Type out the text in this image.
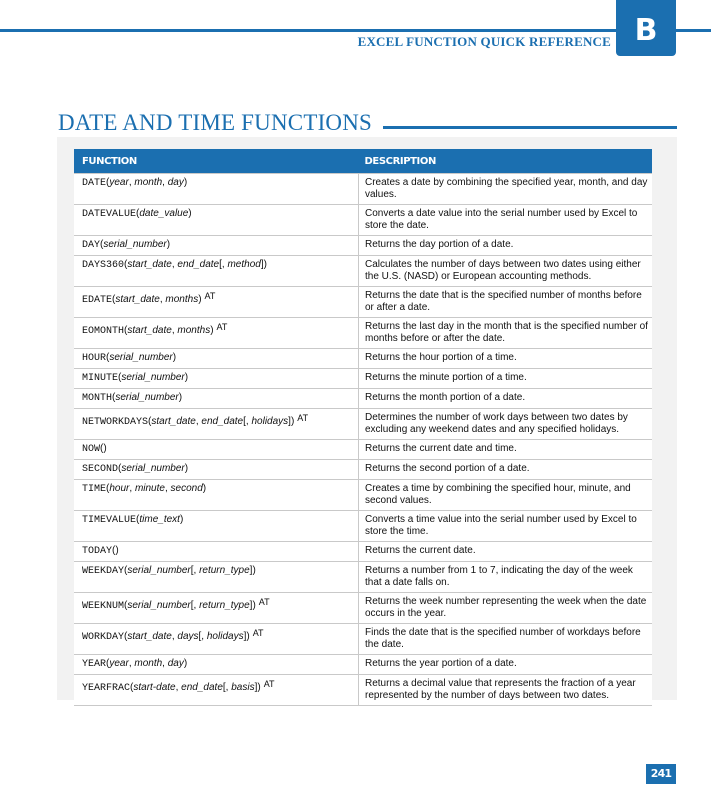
EXCEL FUNCTION QUICK REFERENCE B
DATE AND TIME FUNCTIONS
FUNCTION	DESCRIPTION
DATE(year, month, day)	Creates a date by combining the specified year, month, and day values.
DATEVALUE(date_value)	Converts a date value into the serial number used by Excel to store the date.
DAY(serial_number)	Returns the day portion of a date.
DAYS360(start_date, end_date[, method])	Calculates the number of days between two dates using either the U.S. (NASD) or European accounting methods.
EDATE(start_date, months) AT	Returns the date that is the specified number of months before or after a date.
EOMONTH(start_date, months) AT	Returns the last day in the month that is the specified number of months before or after the date.
HOUR(serial_number)	Returns the hour portion of a time.
MINUTE(serial_number)	Returns the minute portion of a time.
MONTH(serial_number)	Returns the month portion of a date.
NETWORKDAYS(start_date, end_date[, holidays]) AT	Determines the number of work days between two dates by excluding any weekend dates and any specified holidays.
NOW()	Returns the current date and time.
SECOND(serial_number)	Returns the second portion of a date.
TIME(hour, minute, second)	Creates a time by combining the specified hour, minute, and second values.
TIMEVALUE(time_text)	Converts a time value into the serial number used by Excel to store the time.
TODAY()	Returns the current date.
WEEKDAY(serial_number[, return_type])	Returns a number from 1 to 7, indicating the day of the week that a date falls on.
WEEKNUM(serial_number[, return_type]) AT	Returns the week number representing the week when the date occurs in the year.
WORKDAY(start_date, days[, holidays]) AT	Finds the date that is the specified number of workdays before the date.
YEAR(year, month, day)	Returns the year portion of a date.
YEARFRAC(start-date, end_date[, basis]) AT	Returns a decimal value that represents the fraction of a year represented by the number of days between two dates.
241
